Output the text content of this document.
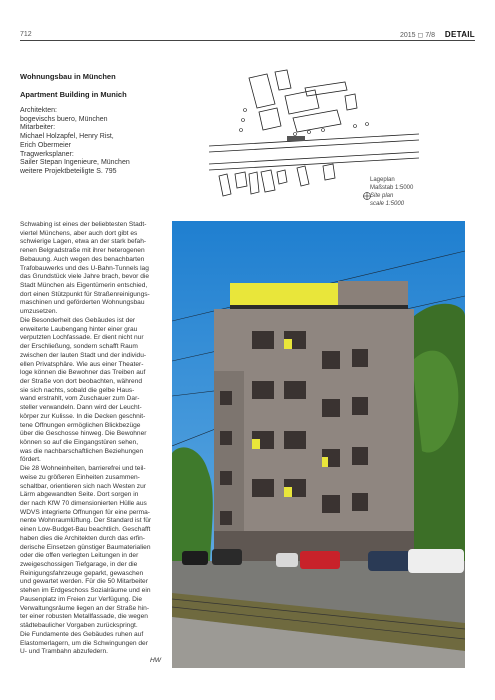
712	2015 ◻ 7/8 DETAIL
Wohnungsbau in München
Apartment Building in Munich
Architekten:
bogevischs buero, München
Mitarbeiter:
Michael Holzapfel, Henry Rist,
Erich Obermeier
Tragwerksplaner:
Sailer Stepan Ingenieure, München
weitere Projektbeteiligte S. 795
Lageplan
Maßstab 1:5000
Site plan
scale 1:5000
Schwabing ist eines der beliebtesten Stadt-
viertel Münchens, aber auch dort gibt es
schwierige Lagen, etwa an der stark befah-
renen Belgradstraße mit ihrer heterogenen
Bebauung. Auch wegen des benachbarten
Trafobauwerks und des U-Bahn-Tunnels lag
das Grundstück viele Jahre brach, bevor die
Stadt München als Eigentümerin entschied,
dort einen Stützpunkt für Straßenreinigungs-
maschinen und geförderten Wohnungsbau
umzusetzen.
Die Besonderheit des Gebäudes ist der
erweiterte Laubengang hinter einer grau
verputzten Lochfassade. Er dient nicht nur
der Erschließung, sondern schafft Raum
zwischen der lauten Stadt und der individu-
ellen Privatsphäre. Wie aus einer Theater-
loge können die Bewohner das Treiben auf
der Straße von dort beobachten, während
sie sich nachts, sobald die gelbe Haus-
wand erstrahlt, vom Zuschauer zum Dar-
steller verwandeln. Dann wird der Leucht-
körper zur Kulisse. In die Decken geschnit-
tene Öffnungen ermöglichen Blickbezüge
über die Geschosse hinweg. Die Bewohner
können so auf die Eingangstüren sehen,
was die nachbarschaftlichen Beziehungen
fördert.
Die 28 Wohneinheiten, barrierefrei und teil-
weise zu größeren Einheiten zusammen-
schaltbar, orientieren sich nach Westen zur
Lärm abgewandten Seite. Dort sorgen in
der nach KfW 70 dimensionierten Hülle aus
WDVS integrierte Öffnungen für eine perma-
nente Wohnraumlüftung. Der Standard ist für
einen Low-Budget-Bau beachtlich. Geschafft
haben dies die Architekten durch das erfin-
derische Einsetzen günstiger Baumaterialien
oder die offen verlegten Leitungen in der
zweigeschossigen Tiefgarage, in der die
Reinigungsfahrzeuge geparkt, gewaschen
und gewartet werden. Für die 50 Mitarbeiter
stehen im Erdgeschoss Sozialräume und ein
Pausenplatz im Freien zur Verfügung. Die
Verwaltungsräume liegen an der Straße hin-
ter einer robusten Metallfassade, die wegen
städtebaulicher Vorgaben zurückspringt.
Die Fundamente des Gebäudes ruhen auf
Elastomerlagern, um die Schwingungen der
U- und Trambahn abzufedern.
HW
